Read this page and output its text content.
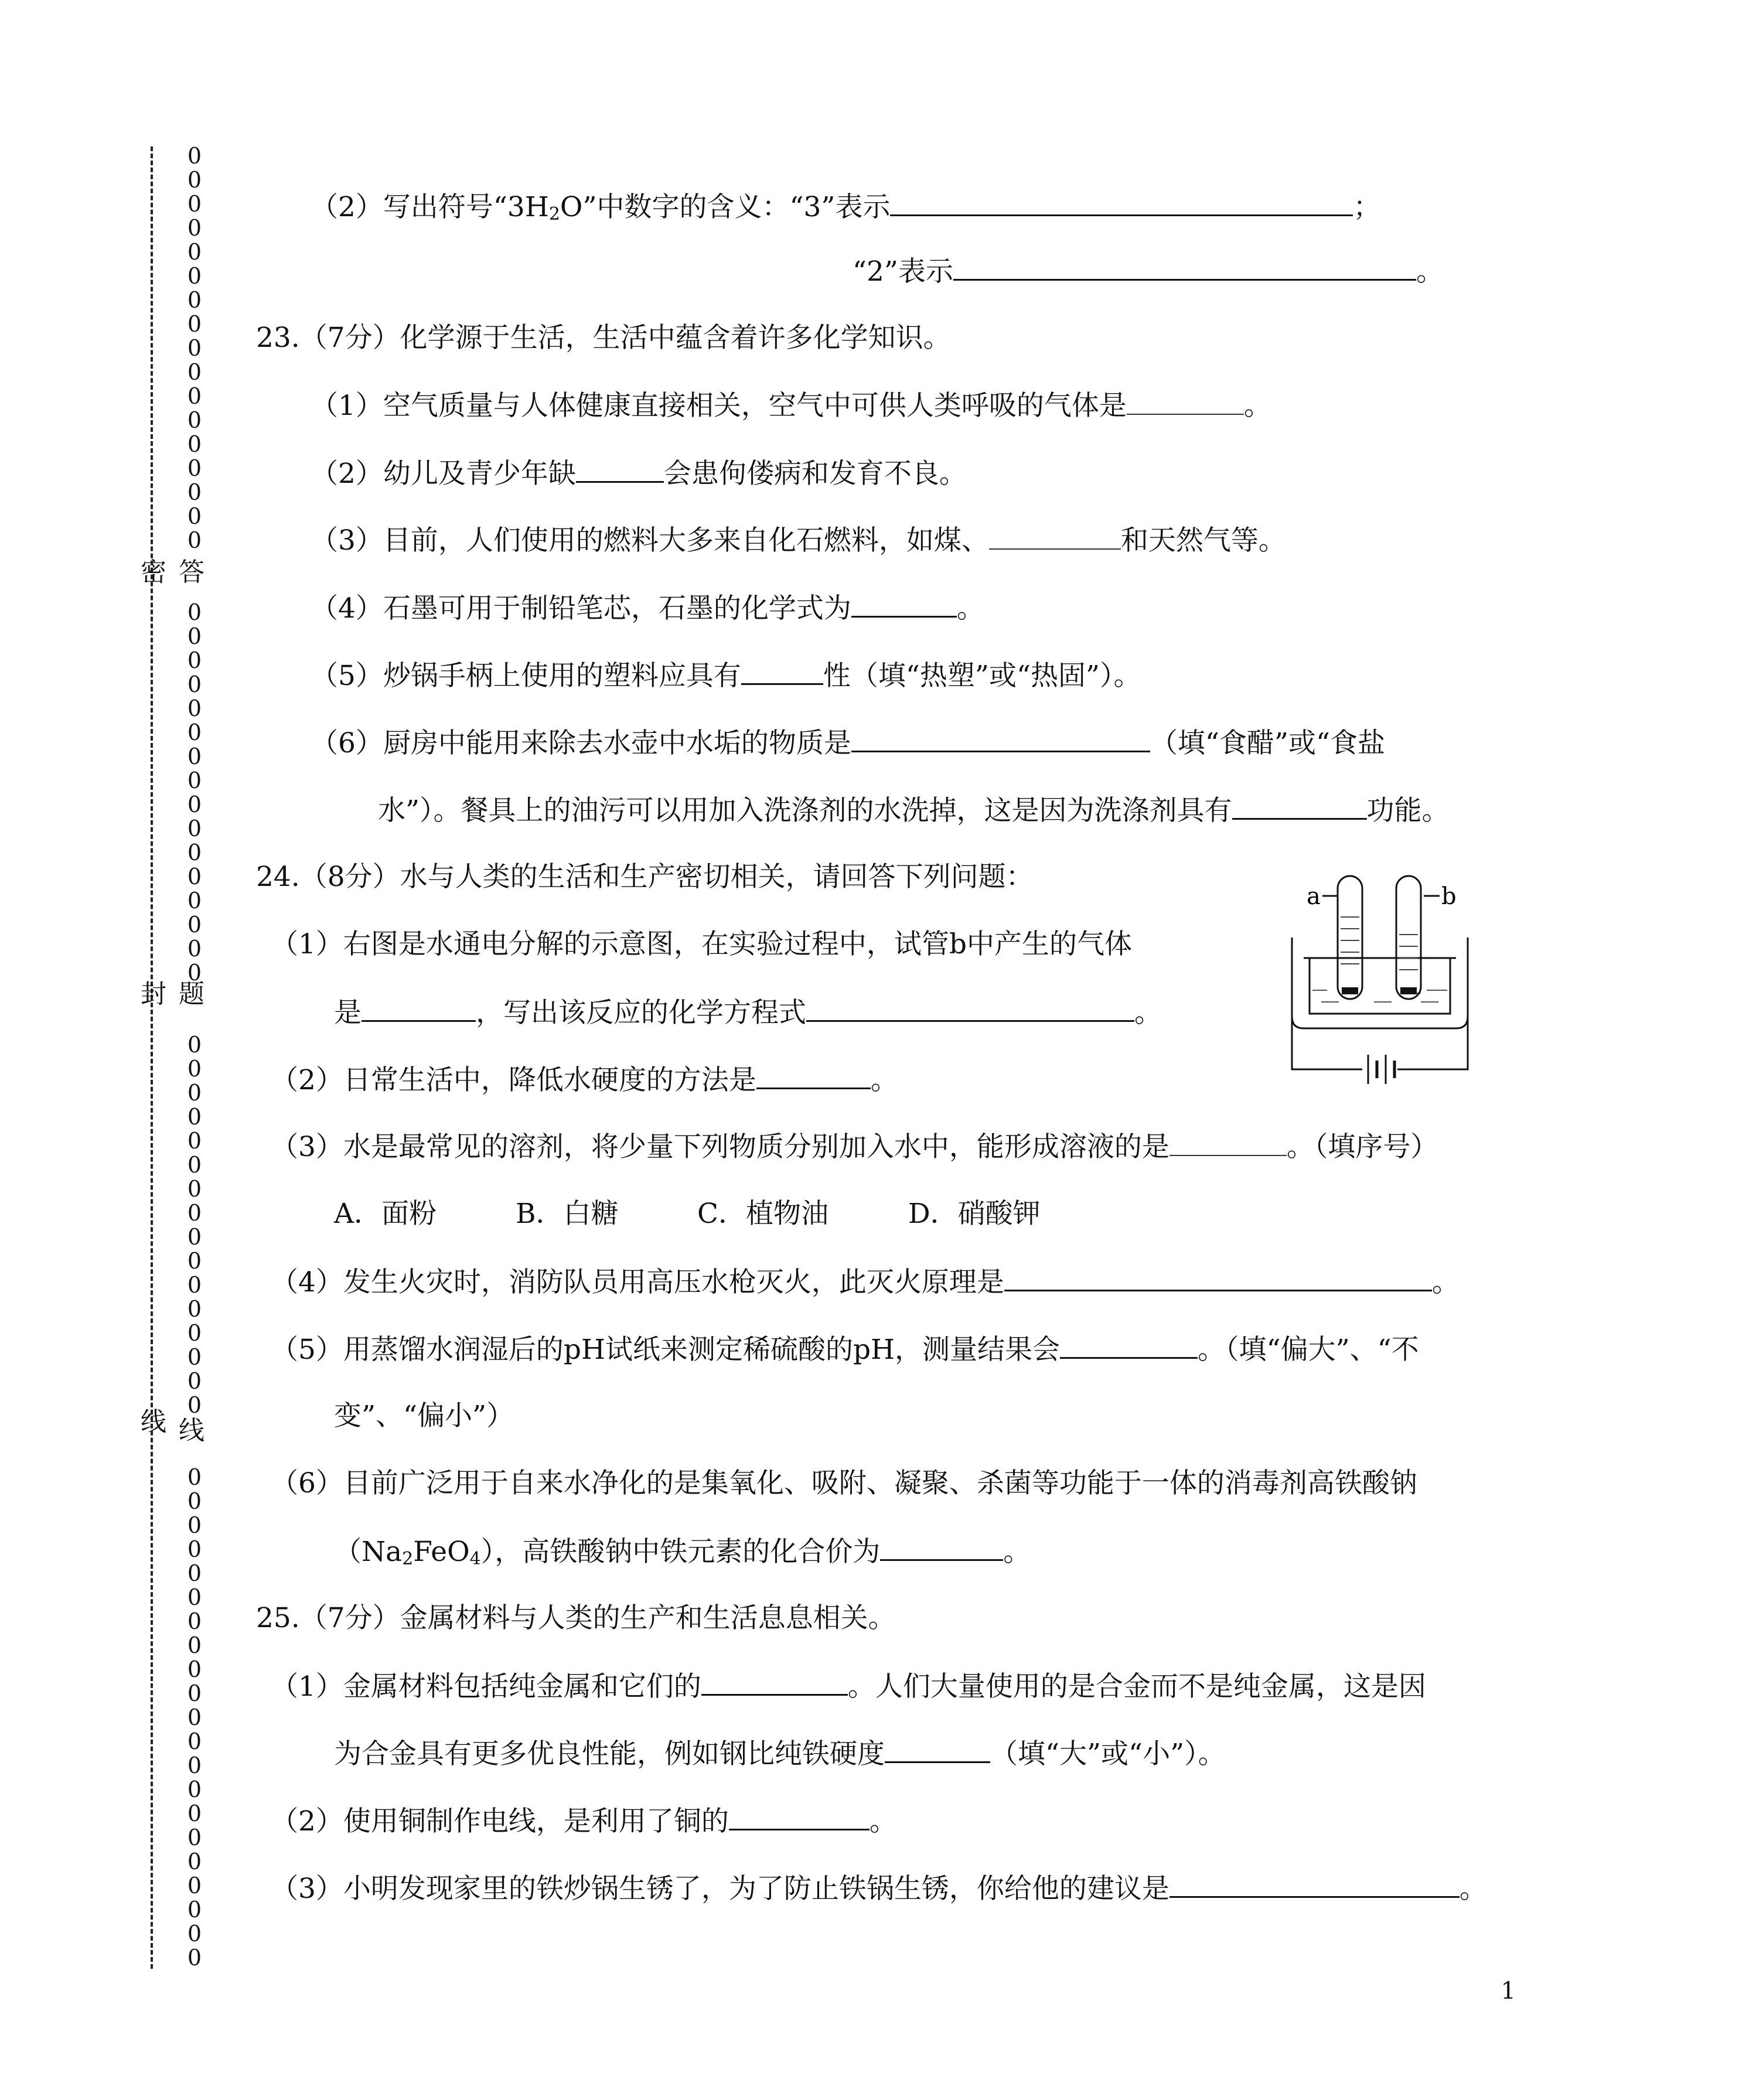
0
0
0
0
0
0
0
0
0
0
0
0
0
0
0
0
0

0
0
0
0
0
0
0
0
0
0
0
0
0
0
0
0

0
0
0
0
0
0
0
0
0
0
0
0
0
0
0
0

0
0
0
0
0
0
0
0
0
0
0
0
0
0
0
0
0
0
0
0
0
密 答
封 题
线 线
（2）写出符号“$3H_2O$”中数字的含义：“3”表示	；
“2”表示	。
23.（7分）化学源于生活，生活中蕴含着许多化学知识。
（1）空气质量与人体健康直接相关，空气中可供人类呼吸的气体是	。
（2）幼儿及青少年缺	会患佝偻病和发育不良。
（3）目前，人们使用的燃料大多来自化石燃料，如煤、	和天然气等。
（4）石墨可用于制铅笔芯，石墨的化学式为	。
（5）炒锅手柄上使用的塑料应具有	性（填“热塑”或“热固”）。
（6）厨房中能用来除去水壶中水垢的物质是	（填“食醋”或“食盐
水”）。餐具上的油污可以用加入洗涤剂的水洗掉，这是因为洗涤剂具有	功能。
24.（8分）水与人类的生活和生产密切相关，请回答下列问题：
（1）右图是水通电分解的示意图，在实验过程中，试管b中产生的气体
是	，写出该反应的化学方程式	。
（2）日常生活中，降低水硬度的方法是	。
（3）水是最常见的溶剂，将少量下列物质分别加入水中，能形成溶液的是	。（填序号）
A．面粉	B．白糖	C．植物油	D．硝酸钾
（4）发生火灾时，消防队员用高压水枪灭火，此灭火原理是	。
（5）用蒸馏水润湿后的pH试纸来测定稀硫酸的pH，测量结果会	。（填“偏大”、“不
变”、“偏小”）
（6）目前广泛用于自来水净化的是集氧化、吸附、凝聚、杀菌等功能于一体的消毒剂高铁酸钠
$(Na_2FeO_4)$，高铁酸钠中铁元素的化合价为	。
a	b
25.（7分）金属材料与人类的生产和生活息息相关。
（1）金属材料包括纯金属和它们的	。人们大量使用的是合金而不是纯金属，这是因
为合金具有更多优良性能，例如钢比纯铁硬度	（填“大”或“小”）。
（2）使用铜制作电线，是利用了铜的	。
（3）小明发现家里的铁炒锅生锈了，为了防止铁锅生锈，你给他的建议是	。
1
